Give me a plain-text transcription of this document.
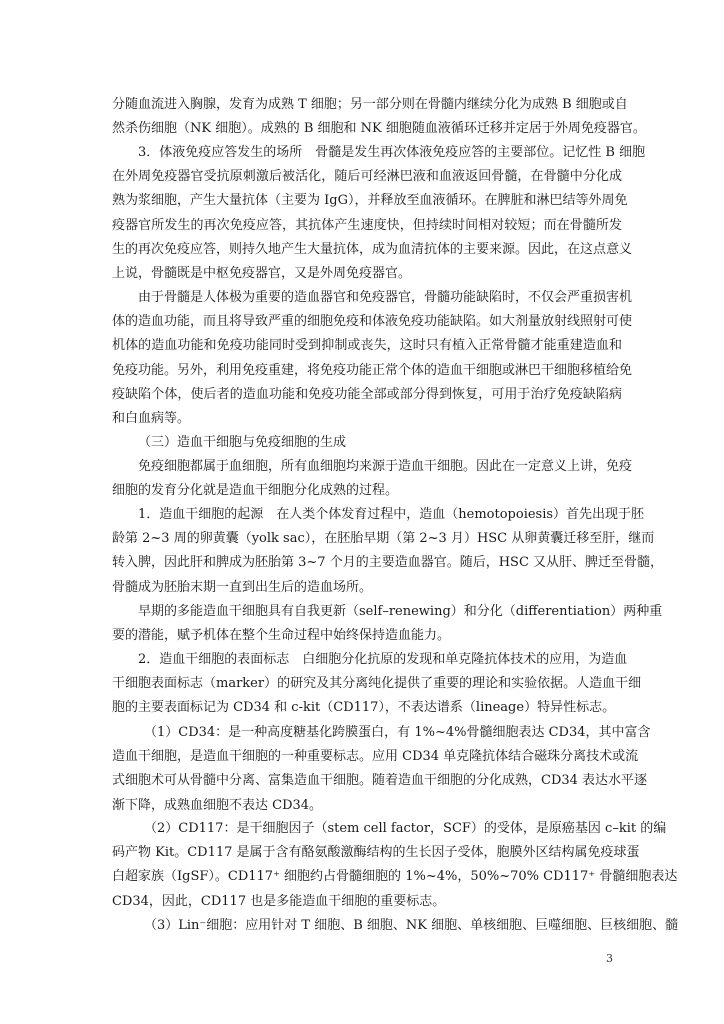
分随血流进入胸腺，发育为成熟 T 细胞；另一部分则在骨髓内继续分化为成熟 B 细胞或自
然杀伤细胞（NK 细胞）。成熟的 B 细胞和 NK 细胞随血液循环迁移并定居于外周免疫器官。
3．体液免疫应答发生的场所　骨髓是发生再次体液免疫应答的主要部位。记忆性 B 细胞
在外周免疫器官受抗原刺激后被活化，随后可经淋巴液和血液返回骨髓，在骨髓中分化成
熟为浆细胞，产生大量抗体（主要为 IgG），并释放至血液循环。在脾脏和淋巴结等外周免
疫器官所发生的再次免疫应答，其抗体产生速度快，但持续时间相对较短；而在骨髓所发
生的再次免疫应答，则持久地产生大量抗体，成为血清抗体的主要来源。因此，在这点意义
上说，骨髓既是中枢免疫器官，又是外周免疫器官。
由于骨髓是人体极为重要的造血器官和免疫器官，骨髓功能缺陷时，不仅会严重损害机
体的造血功能，而且将导致严重的细胞免疫和体液免疫功能缺陷。如大剂量放射线照射可使
机体的造血功能和免疫功能同时受到抑制或丧失，这时只有植入正常骨髓才能重建造血和
免疫功能。另外，利用免疫重建，将免疫功能正常个体的造血干细胞或淋巴干细胞移植给免
疫缺陷个体，使后者的造血功能和免疫功能全部或部分得到恢复，可用于治疗免疫缺陷病
和白血病等。
（三）造血干细胞与免疫细胞的生成
免疫细胞都属于血细胞，所有血细胞均来源于造血干细胞。因此在一定意义上讲，免疫
细胞的发育分化就是造血干细胞分化成熟的过程。
1．造血干细胞的起源　在人类个体发育过程中，造血（hemotopoiesis）首先出现于胚
龄第 2~3 周的卵黄囊（yolk sac），在胚胎早期（第 2~3 月）HSC 从卵黄囊迁移至肝，继而
转入脾，因此肝和脾成为胚胎第 3~7 个月的主要造血器官。随后，HSC 又从肝、脾迁至骨髓，
骨髓成为胚胎末期一直到出生后的造血场所。
早期的多能造血干细胞具有自我更新（self–renewing）和分化（differentiation）两种重
要的潜能，赋予机体在整个生命过程中始终保持造血能力。
2．造血干细胞的表面标志　白细胞分化抗原的发现和单克隆抗体技术的应用，为造血
干细胞表面标志（marker）的研究及其分离纯化提供了重要的理论和实验依据。人造血干细
胞的主要表面标记为 CD34 和 c-kit（CD117），不表达谱系（lineage）特异性标志。
（1）CD34：是一种高度糖基化跨膜蛋白，有 1%~4%骨髓细胞表达 CD34，其中富含
造血干细胞，是造血干细胞的一种重要标志。应用 CD34 单克隆抗体结合磁珠分离技术或流
式细胞术可从骨髓中分离、富集造血干细胞。随着造血干细胞的分化成熟，CD34 表达水平逐
渐下降，成熟血细胞不表达 CD34。
（2）CD117：是干细胞因子（stem cell factor，SCF）的受体，是原癌基因 c–kit 的编
码产物 Kit。CD117 是属于含有酪氨酸激酶结构的生长因子受体，胞膜外区结构属免疫球蛋
白超家族（IgSF）。CD117⁺ 细胞约占骨髓细胞的 1%~4%，50%~70% CD117⁺ 骨髓细胞表达
CD34，因此，CD117 也是多能造血干细胞的重要标志。
（3）Lin⁻细胞：应用针对 T 细胞、B 细胞、NK 细胞、单核细胞、巨噬细胞、巨核细胞、髓
3
